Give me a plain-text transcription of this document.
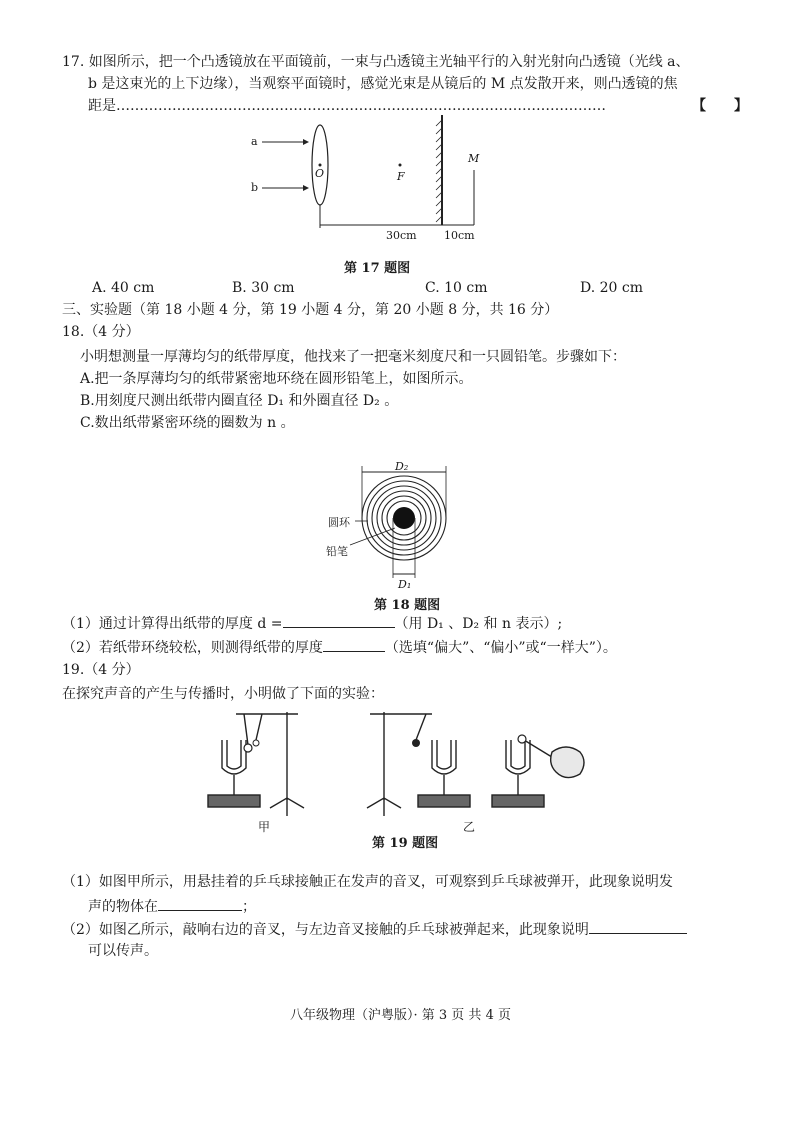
17. 如图所示，把一个凸透镜放在平面镜前，一束与凸透镜主光轴平行的入射光射向凸透镜（光线 a、
b 是这束光的上下边缘），当观察平面镜时，感觉光束是从镜后的 M 点发散开来，则凸透镜的焦
距是……………………………………………………………………………………………	【　　】
a
b
O	F
M
30cm 10cm
第 17 题图
A. 40 cm	B. 30 cm	C. 10 cm	D. 20 cm
三、实验题（第 18 小题 4 分，第 19 小题 4 分，第 20 小题 8 分，共 16 分）
18.（4 分）
小明想测量一厚薄均匀的纸带厚度，他找来了一把毫米刻度尺和一只圆铅笔。步骤如下：
A.把一条厚薄均匀的纸带紧密地环绕在圆形铅笔上，如图所示。
B.用刻度尺测出纸带内圈直径 D₁ 和外圈直径 D₂ 。
C.数出纸带紧密环绕的圈数为 n 。
D₂
D₁
圆环
铅笔
第 18 题图
（1）通过计算得出纸带的厚度 d =	（用 D₁ 、D₂ 和 n 表示）;
（2）若纸带环绕较松，则测得纸带的厚度	（选填“偏大”、“偏小”或“一样大”）。
19.（4 分）
在探究声音的产生与传播时，小明做了下面的实验：
甲	乙
第 19 题图
（1）如图甲所示，用悬挂着的乒乓球接触正在发声的音叉，可观察到乒乓球被弹开，此现象说明发
声的物体在	；
（2）如图乙所示，敲响右边的音叉，与左边音叉接触的乒乓球被弹起来，此现象说明
可以传声。
八年级物理（沪粤版）· 第 3 页 共 4 页
